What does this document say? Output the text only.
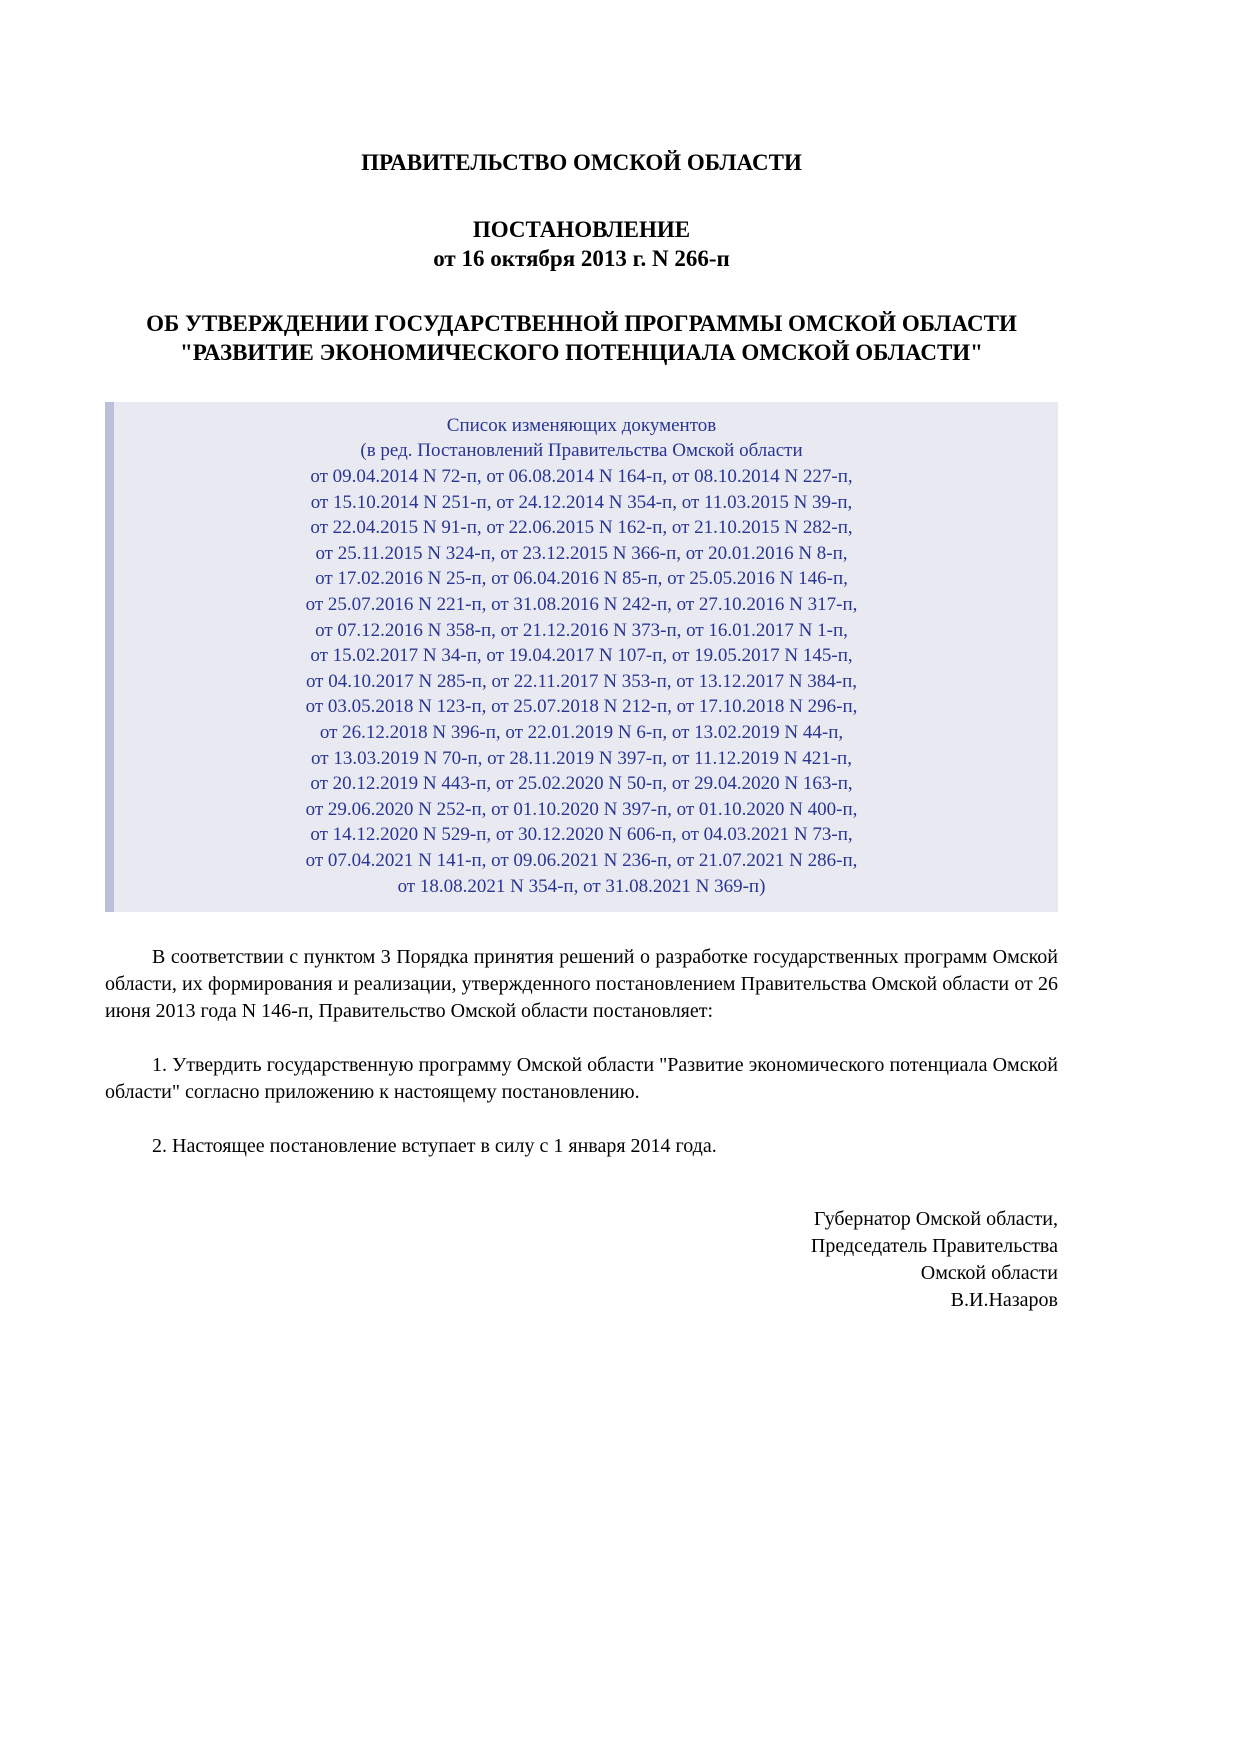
ПРАВИТЕЛЬСТВО ОМСКОЙ ОБЛАСТИ
ПОСТАНОВЛЕНИЕ
от 16 октября 2013 г. N 266-п
ОБ УТВЕРЖДЕНИИ ГОСУДАРСТВЕННОЙ ПРОГРАММЫ ОМСКОЙ ОБЛАСТИ
"РАЗВИТИЕ ЭКОНОМИЧЕСКОГО ПОТЕНЦИАЛА ОМСКОЙ ОБЛАСТИ"
Список изменяющих документов
(в ред. Постановлений Правительства Омской области
от 09.04.2014 N 72-п, от 06.08.2014 N 164-п, от 08.10.2014 N 227-п,
от 15.10.2014 N 251-п, от 24.12.2014 N 354-п, от 11.03.2015 N 39-п,
от 22.04.2015 N 91-п, от 22.06.2015 N 162-п, от 21.10.2015 N 282-п,
от 25.11.2015 N 324-п, от 23.12.2015 N 366-п, от 20.01.2016 N 8-п,
от 17.02.2016 N 25-п, от 06.04.2016 N 85-п, от 25.05.2016 N 146-п,
от 25.07.2016 N 221-п, от 31.08.2016 N 242-п, от 27.10.2016 N 317-п,
от 07.12.2016 N 358-п, от 21.12.2016 N 373-п, от 16.01.2017 N 1-п,
от 15.02.2017 N 34-п, от 19.04.2017 N 107-п, от 19.05.2017 N 145-п,
от 04.10.2017 N 285-п, от 22.11.2017 N 353-п, от 13.12.2017 N 384-п,
от 03.05.2018 N 123-п, от 25.07.2018 N 212-п, от 17.10.2018 N 296-п,
от 26.12.2018 N 396-п, от 22.01.2019 N 6-п, от 13.02.2019 N 44-п,
от 13.03.2019 N 70-п, от 28.11.2019 N 397-п, от 11.12.2019 N 421-п,
от 20.12.2019 N 443-п, от 25.02.2020 N 50-п, от 29.04.2020 N 163-п,
от 29.06.2020 N 252-п, от 01.10.2020 N 397-п, от 01.10.2020 N 400-п,
от 14.12.2020 N 529-п, от 30.12.2020 N 606-п, от 04.03.2021 N 73-п,
от 07.04.2021 N 141-п, от 09.06.2021 N 236-п, от 21.07.2021 N 286-п,
от 18.08.2021 N 354-п, от 31.08.2021 N 369-п)

В соответствии с пунктом 3 Порядка принятия решений о разработке государственных программ Омской области, их формирования и реализации, утвержденного постановлением Правительства Омской области от 26 июня 2013 года N 146-п, Правительство Омской области постановляет:

1. Утвердить государственную программу Омской области "Развитие экономического потенциала Омской области" согласно приложению к настоящему постановлению.

2. Настоящее постановление вступает в силу с 1 января 2014 года.

Губернатор Омской области,
Председатель Правительства
Омской области
В.И.Назаров
